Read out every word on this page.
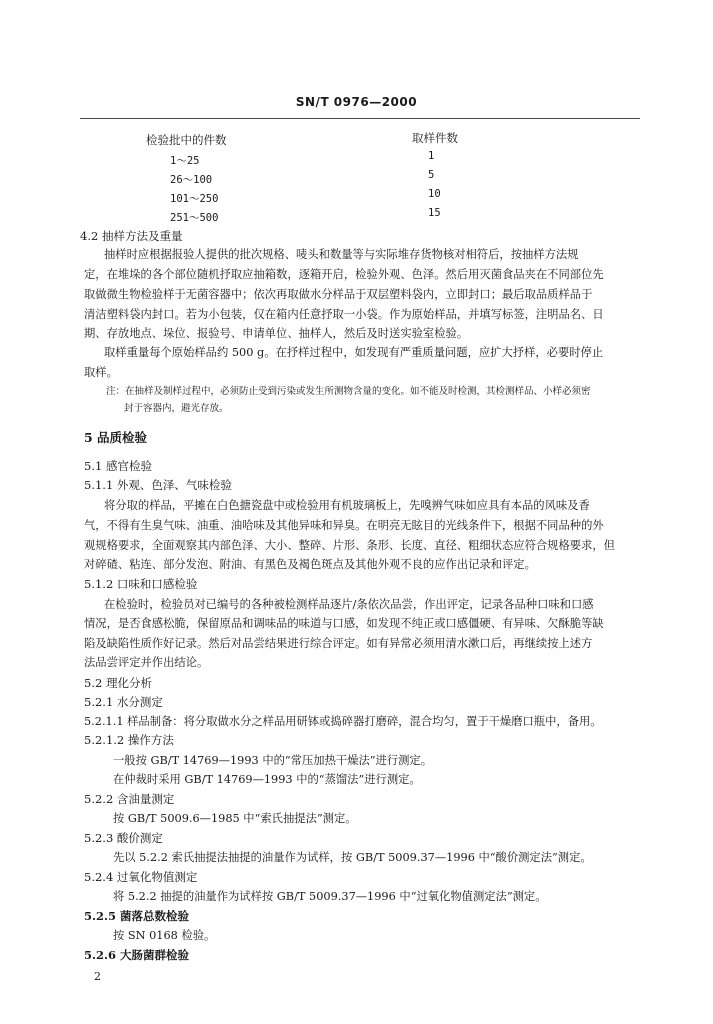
SN/T 0976—2000
检验批中的件数	取样件数
1～25	1
26～100	5
101～250	10
251～500	15
4.2 抽样方法及重量
抽样时应根据报验人提供的批次规格、唛头和数量等与实际堆存货物核对相符后，按抽样方法规
定，在堆垛的各个部位随机抒取应抽箱数，逐箱开启，检验外观、色泽。然后用灭菌食品夹在不同部位先
取做微生物检验样于无菌容器中；依次再取做水分样品于双层塑料袋内，立即封口；最后取品质样品于
清洁塑料袋内封口。若为小包装，仅在箱内任意抒取一小袋。作为原始样品，并填写标签，注明品名、日
期、存放地点、垛位、报验号、申请单位、抽样人，然后及时送实验室检验。
取样重量每个原始样品约 500 g。在抒样过程中，如发现有严重质量问题，应扩大抒样，必要时停止
取样。
注：在抽样及制样过程中，必须防止受到污染或发生所测物含量的变化。如不能及时检测，其检测样品、小样必须密
封于容器内，避光存放。
5 品质检验
5.1 感官检验
5.1.1 外观、色泽、气味检验
将分取的样品，平摊在白色搪瓷盘中或检验用有机玻璃板上，先嗅辨气味如应具有本品的风味及香
气，不得有生臭气味、油重、油哈味及其他异味和异臭。在明亮无眩目的光线条件下，根据不同品种的外
观规格要求，全面观察其内部色泽、大小、整碎、片形、条形、长度、直径、粗细状态应符合规格要求，但
对碎碴、粘连、部分发泡、附油、有黑色及褐色斑点及其他外观不良的应作出记录和评定。
5.1.2 口味和口感检验
在检验时，检验员对已编号的各种被检测样品逐片/条依次品尝，作出评定，记录各品种口味和口感
情况，是否食感松脆，保留原品和调味品的味道与口感，如发现不纯正或口感僵硬、有异味、欠酥脆等缺
陷及缺陷性质作好记录。然后对品尝结果进行综合评定。如有异常必须用清水漱口后，再继续按上述方
法品尝评定并作出结论。
5.2 理化分析
5.2.1 水分测定
5.2.1.1 样品制备：将分取做水分之样品用研钵或捣碎器打磨碎，混合均匀，置于干燥磨口瓶中，备用。
5.2.1.2 操作方法
一般按 GB/T 14769—1993 中的“常压加热干燥法”进行测定。
在仲裁时采用 GB/T 14769—1993 中的“蒸馏法”进行测定。
5.2.2 含油量测定
按 GB/T 5009.6—1985 中“索氏抽提法”测定。
5.2.3 酸价测定
先以 5.2.2 索氏抽提法抽提的油量作为试样，按 GB/T 5009.37—1996 中“酸价测定法”测定。
5.2.4 过氧化物值测定
将 5.2.2 抽提的油量作为试样按 GB/T 5009.37—1996 中“过氧化物值测定法”测定。
5.2.5 菌落总数检验
按 SN 0168 检验。
5.2.6 大肠菌群检验
2
